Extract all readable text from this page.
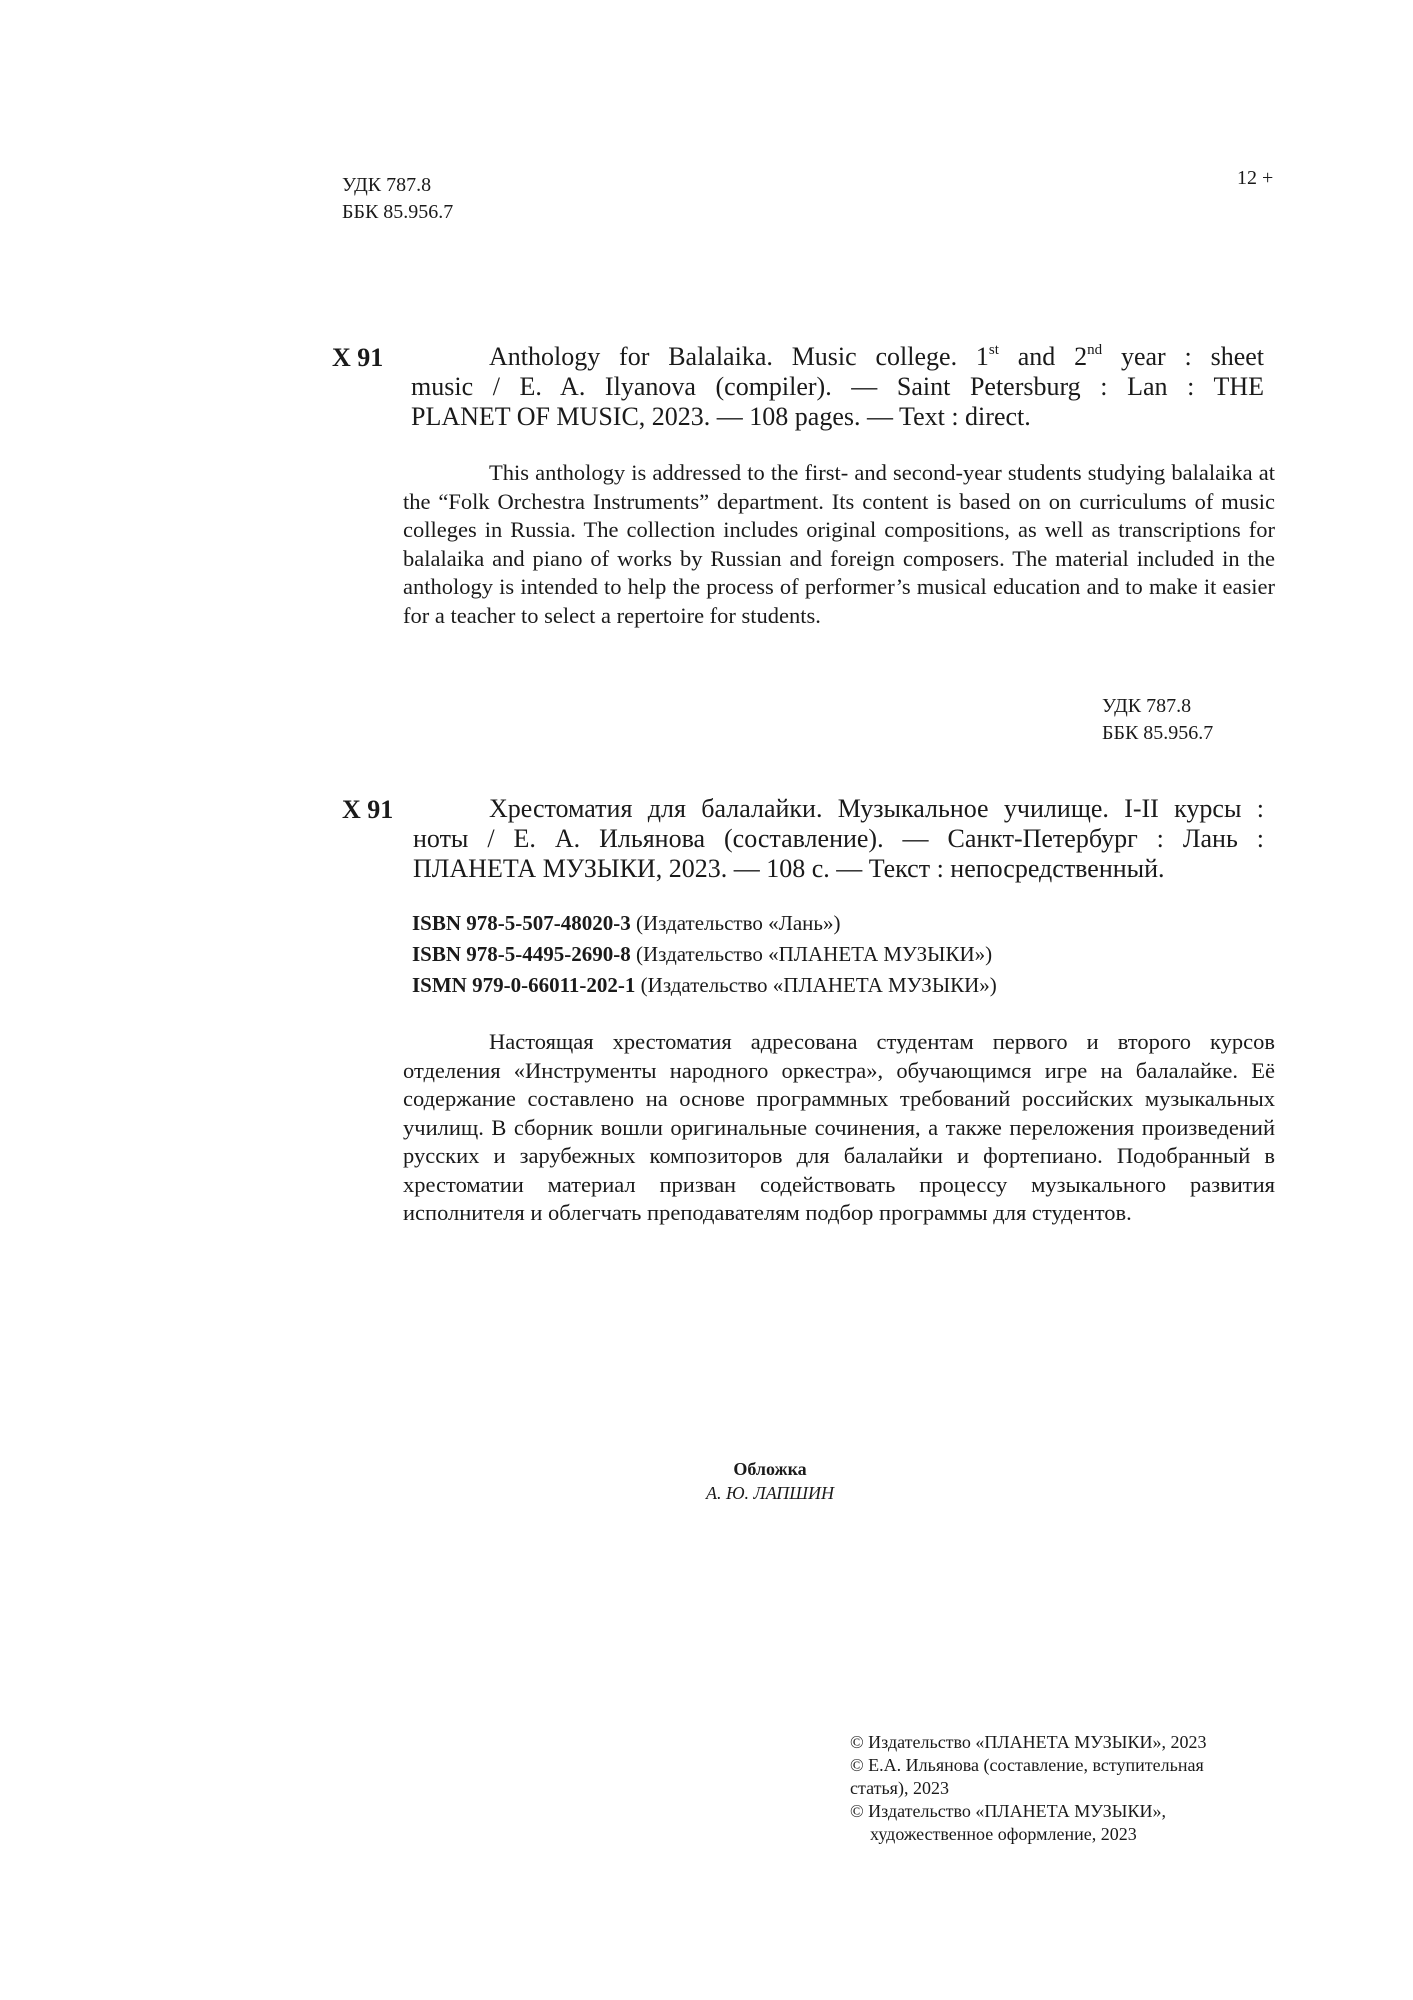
УДК 787.8
ББК 85.956.7
12 +
Х 91	Anthology for Balalaika. Music college. 1st and 2nd year : sheet
music / E. A. Ilyanova (compiler). — Saint Petersburg : Lan : THE
PLANET OF MUSIC, 2023. — 108 pages. — Text : direct.
This anthology is addressed to the first- and second-year students studying balalaika at the “Folk Orchestra Instruments” department. Its content is based on on curriculums of music colleges in Russia. The collection includes original compositions, as well as transcriptions for balalaika and piano of works by Russian and foreign composers. The material included in the anthology is intended to help the process of performer’s musical education and to make it easier for a teacher to select a repertoire for students.
УДК 787.8
ББК 85.956.7
Х 91	Хрестоматия для балалайки. Музыкальное училище. I-II курсы :
ноты / Е. А. Ильянова (составление). — Санкт-Петербург : Лань :
ПЛАНЕТА МУЗЫКИ, 2023. — 108 с. — Текст : непосредственный.
ISBN 978-5-507-48020-3 (Издательство «Лань»)
ISBN 978-5-4495-2690-8 (Издательство «ПЛАНЕТА МУЗЫКИ»)
ISMN 979-0-66011-202-1 (Издательство «ПЛАНЕТА МУЗЫКИ»)
Настоящая хрестоматия адресована студентам первого и второго курсов отделения «Инструменты народного оркестра», обучающимся игре на балалайке. Её содержание составлено на основе программных требований российских музыкальных училищ. В сборник вошли оригинальные сочинения, а также переложения произведений русских и зарубежных композиторов для балалайки и фортепиано. Подобранный в хрестоматии материал призван содействовать процессу музыкального развития исполнителя и облегчать преподавателям подбор программы для студентов.
Обложка
А. Ю. ЛАПШИН
© Издательство «ПЛАНЕТА МУЗЫКИ», 2023
© Е.А. Ильянова (составление, вступительная
статья), 2023
© Издательство «ПЛАНЕТА МУЗЫКИ»,
художественное оформление, 2023
